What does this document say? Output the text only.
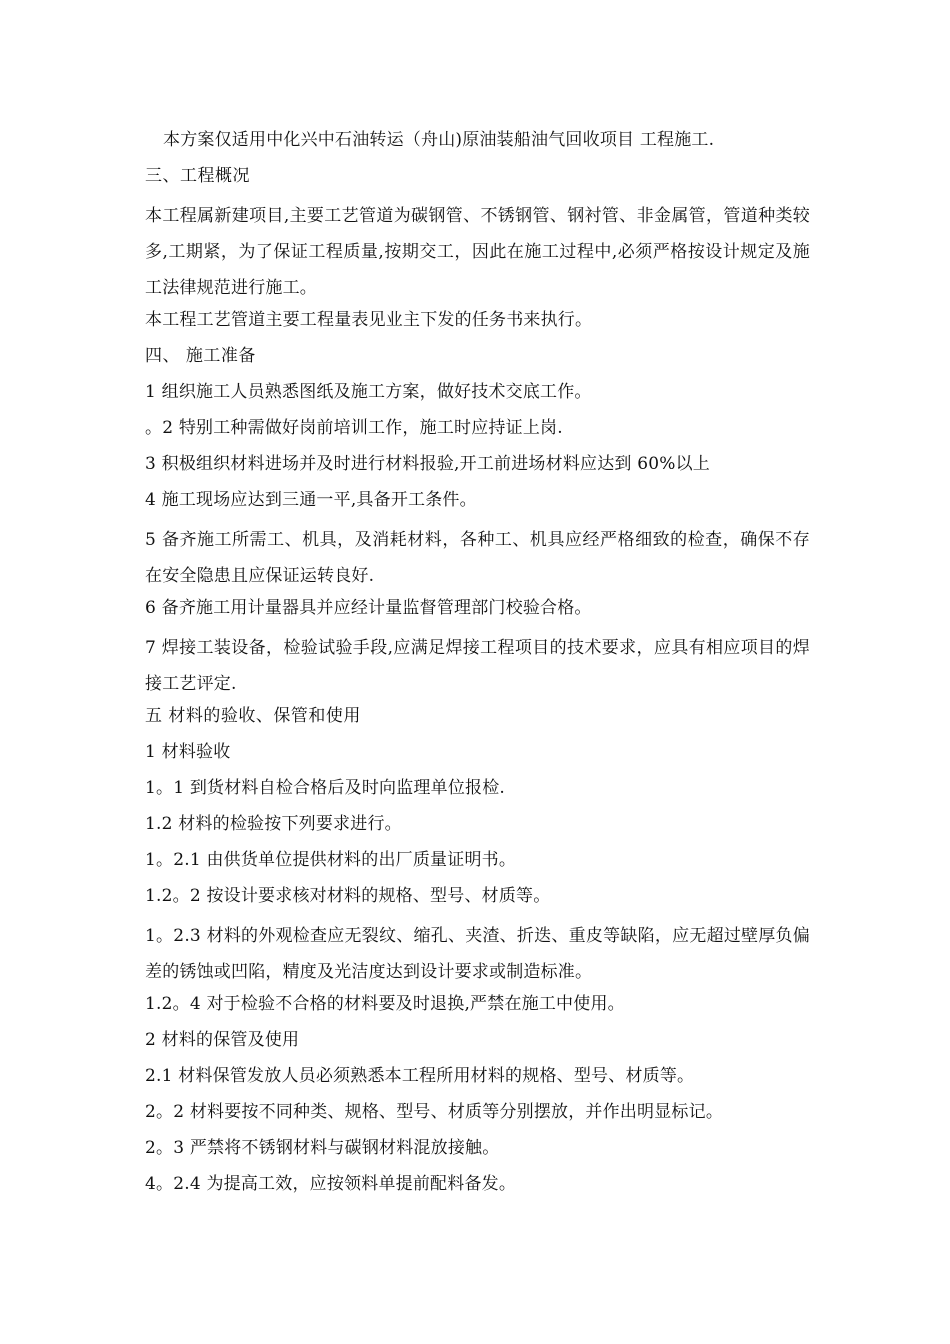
本方案仅适用中化兴中石油转运（舟山)原油装船油气回收项目 工程施工.
三、工程概况
本工程属新建项目,主要工艺管道为碳钢管、不锈钢管、钢衬管、非金属管，管道种类较多,工期紧，为了保证工程质量,按期交工，因此在施工过程中,必须严格按设计规定及施工法律规范进行施工。
本工程工艺管道主要工程量表见业主下发的任务书来执行。
四、 施工准备
1 组织施工人员熟悉图纸及施工方案，做好技术交底工作。
。2 特别工种需做好岗前培训工作，施工时应持证上岗.
3 积极组织材料进场并及时进行材料报验,开工前进场材料应达到 60%以上
4 施工现场应达到三通一平,具备开工条件。
5 备齐施工所需工、机具，及消耗材料，各种工、机具应经严格细致的检查，确保不存在安全隐患且应保证运转良好.
6 备齐施工用计量器具并应经计量监督管理部门校验合格。
7 焊接工装设备，检验试验手段,应满足焊接工程项目的技术要求，应具有相应项目的焊接工艺评定.
五 材料的验收、保管和使用
1 材料验收
1。1 到货材料自检合格后及时向监理单位报检.
1.2 材料的检验按下列要求进行。
1。2.1 由供货单位提供材料的出厂质量证明书。
1.2。2 按设计要求核对材料的规格、型号、材质等。
1。2.3 材料的外观检查应无裂纹、缩孔、夹渣、折迭、重皮等缺陷，应无超过壁厚负偏差的锈蚀或凹陷，精度及光洁度达到设计要求或制造标准。
1.2。4 对于检验不合格的材料要及时退换,严禁在施工中使用。
2 材料的保管及使用
2.1 材料保管发放人员必须熟悉本工程所用材料的规格、型号、材质等。
2。2 材料要按不同种类、规格、型号、材质等分别摆放，并作出明显标记。
2。3 严禁将不锈钢材料与碳钢材料混放接触。
4。2.4 为提高工效，应按领料单提前配料备发。
